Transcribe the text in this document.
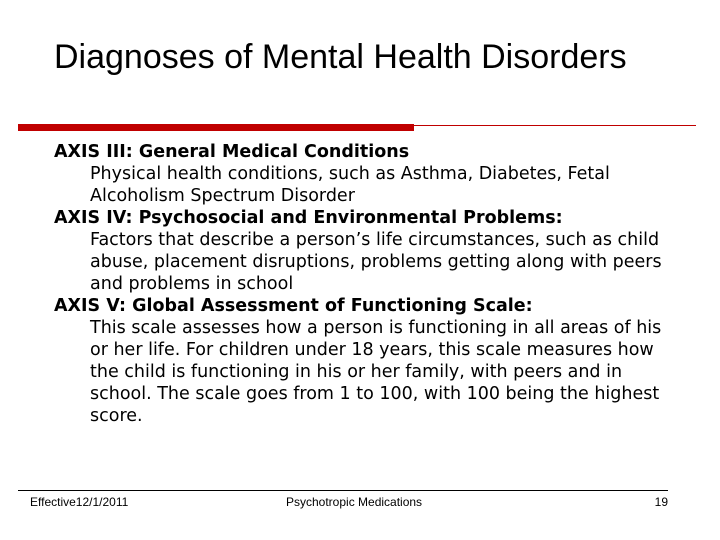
Diagnoses of Mental Health Disorders

AXIS III: General Medical Conditions

Physical health conditions, such as Asthma, Diabetes, Fetal Alcoholism Spectrum Disorder

AXIS IV: Psychosocial and Environmental Problems:

Factors that describe a person’s life circumstances, such as child abuse, placement disruptions, problems getting along with peers and problems in school

AXIS V: Global Assessment of Functioning Scale:

This scale assesses how a person is functioning in all areas of his or her life. For children under 18 years, this scale measures how the child is functioning in his or her family, with peers and in school. The scale goes from 1 to 100, with 100 being the highest score.

Effective12/1/2011	Psychotropic Medications	19
